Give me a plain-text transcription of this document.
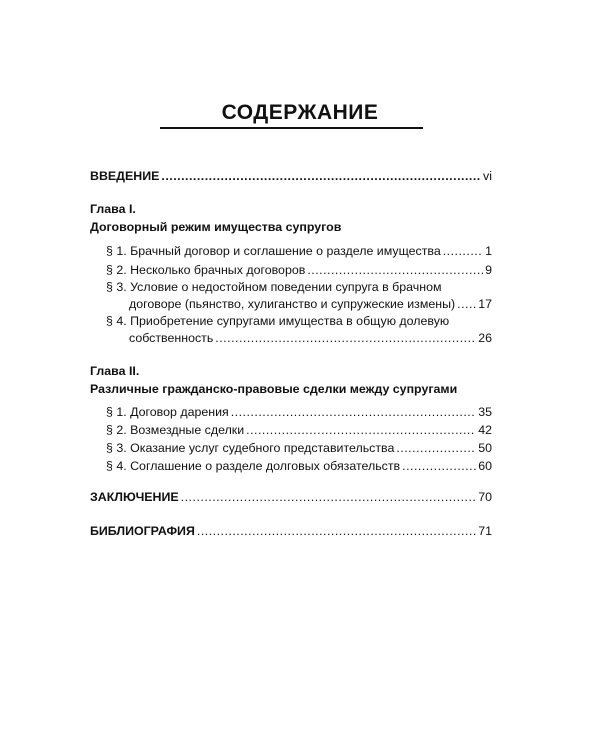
СОДЕРЖАНИЕ
ВВЕДЕНИЕ .....	vi
Глава I.
Договорный режим имущества супругов
§ 1. Брачный договор и соглашение о разделе имущества .....	1
§ 2. Несколько брачных договоров .....	9
§ 3. Условие о недостойном поведении супруга в брачном
договоре (пьянство, хулиганство и супружеские измены) ..... 17
§ 4. Приобретение супругами имущества в общую долевую
собственность .....	26
Глава II.
Различные гражданско-правовые сделки между супругами
§ 1. Договор дарения .....	35
§ 2. Возмездные сделки .....	42
§ 3. Оказание услуг судебного представительства .....	50
§ 4. Соглашение о разделе долговых обязательств .....	60
ЗАКЛЮЧЕНИЕ .....	70
БИБЛИОГРАФИЯ .....	71
